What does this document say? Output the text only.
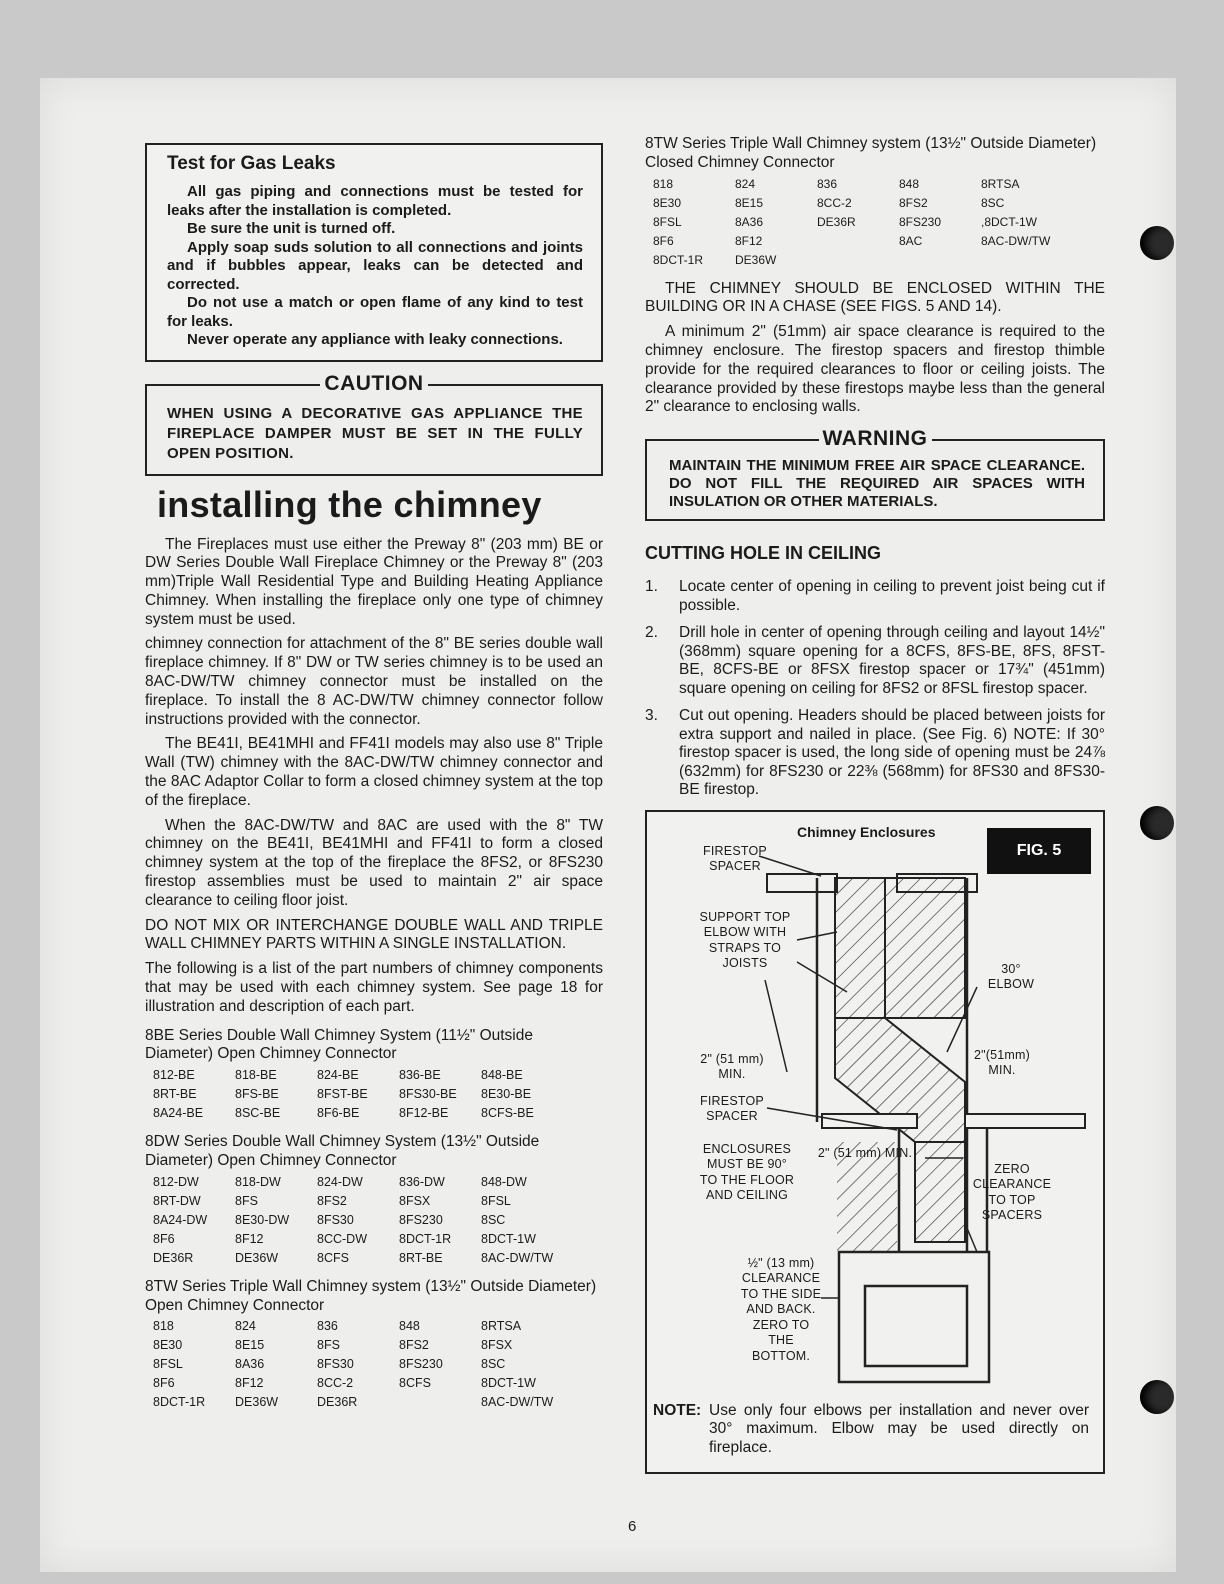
Test for Gas Leaks

All gas piping and connections must be tested for leaks after the installation is completed.

Be sure the unit is turned off.

Apply soap suds solution to all connections and joints and if bubbles appear, leaks can be detected and corrected.

Do not use a match or open flame of any kind to test for leaks.

Never operate any appliance with leaky connections.

CAUTION

WHEN USING A DECORATIVE GAS APPLIANCE THE FIREPLACE DAMPER MUST BE SET IN THE FULLY OPEN POSITION.

installing the chimney

The Fireplaces must use either the Preway 8" (203 mm) BE or DW Series Double Wall Fireplace Chimney or the Preway 8" (203 mm)Triple Wall Residential Type and Building Heating Appliance Chimney. When installing the fireplace only one type of chimney system must be used.

chimney connection for attachment of the 8" BE series double wall fireplace chimney. If 8" DW or TW series chimney is to be used an 8AC-DW/TW chimney connector must be installed on the fireplace. To install the 8 AC-DW/TW chimney connector follow instructions provided with the connector.

The BE41I, BE41MHI and FF41I models may also use 8" Triple Wall (TW) chimney with the 8AC-DW/TW chimney connector and the 8AC Adaptor Collar to form a closed chimney system at the top of the fireplace.

When the 8AC-DW/TW and 8AC are used with the 8" TW chimney on the BE41I, BE41MHI and FF41I to form a closed chimney system at the top of the fireplace the 8FS2, or 8FS230 firestop assemblies must be used to maintain 2" air space clearance to ceiling floor joist.

DO NOT MIX OR INTERCHANGE DOUBLE WALL AND TRIPLE WALL CHIMNEY PARTS WITHIN A SINGLE INSTALLATION.

The following is a list of the part numbers of chimney components that may be used with each chimney system. See page 18 for illustration and description of each part.

8BE Series Double Wall Chimney System (11½" Outside Diameter) Open Chimney Connector
812-BE	818-BE	824-BE	836-BE	848-BE
8RT-BE	8FS-BE	8FST-BE	8FS30-BE	8E30-BE
8A24-BE	8SC-BE	8F6-BE	8F12-BE	8CFS-BE
8DW Series Double Wall Chimney System (13½" Outside Diameter) Open Chimney Connector
812-DW	818-DW	824-DW	836-DW	848-DW
8RT-DW	8FS	8FS2	8FSX	8FSL
8A24-DW	8E30-DW	8FS30	8FS230	8SC
8F6	8F12	8CC-DW	8DCT-1R	8DCT-1W
DE36R	DE36W	8CFS	8RT-BE	8AC-DW/TW
8TW Series Triple Wall Chimney system (13½" Outside Diameter) Open Chimney Connector
818	824	836	848	8RTSA
8E30	8E15	8FS	8FS2	8FSX
8FSL	8A36	8FS30	8FS230	8SC
8F6	8F12	8CC-2	8CFS	8DCT-1W
8DCT-1R	DE36W	DE36R		8AC-DW/TW
8TW Series Triple Wall Chimney system (13½" Outside Diameter) Closed Chimney Connector
818	824	836	848	8RTSA
8E30	8E15	8CC-2	8FS2	8SC
8FSL	8A36	DE36R	8FS230	,8DCT-1W
8F6	8F12		8AC	8AC-DW/TW
8DCT-1R	DE36W			

THE CHIMNEY SHOULD BE ENCLOSED WITHIN THE BUILDING OR IN A CHASE (SEE FIGS. 5 AND 14).

A minimum 2" (51mm) air space clearance is required to the chimney enclosure. The firestop spacers and firestop thimble provide for the required clearances to floor or ceiling joists. The clearance provided by these firestops maybe less than the general 2" clearance to enclosing walls.

WARNING

MAINTAIN THE MINIMUM FREE AIR SPACE CLEARANCE. DO NOT FILL THE REQUIRED AIR SPACES WITH INSULATION OR OTHER MATERIALS.

CUTTING HOLE IN CEILING
1. Locate center of opening in ceiling to prevent joist being cut if possible.
2. Drill hole in center of opening through ceiling and layout 14½" (368mm) square opening for a 8CFS, 8FS-BE, 8FS, 8FST-BE, 8CFS-BE or 8FSX firestop spacer or 17¾" (451mm) square opening on ceiling for 8FS2 or 8FSL firestop spacer.
3. Cut out opening. Headers should be placed between joists for extra support and nailed in place. (See Fig. 6) NOTE: If 30° firestop spacer is used, the long side of opening must be 24⅞ (632mm) for 8FS230 or 22⅜ (568mm) for 8FS30 and 8FS30-BE firestop.
Chimney Enclosures
FIG. 5
FIRESTOP SPACER
SUPPORT TOP ELBOW WITH STRAPS TO JOISTS	30° ELBOW
2" (51 mm) MIN.
2"(51mm) MIN.
FIRESTOP SPACER
ENCLOSURES MUST BE 90° TO THE FLOOR AND CEILING
2" (51 mm) MIN.
ZERO CLEARANCE TO TOP SPACERS
½" (13 mm) CLEARANCE TO THE SIDE AND BACK. ZERO TO THE BOTTOM.
NOTE: Use only four elbows per installation and never over 30° maximum. Elbow may be used directly on fireplace.
6
